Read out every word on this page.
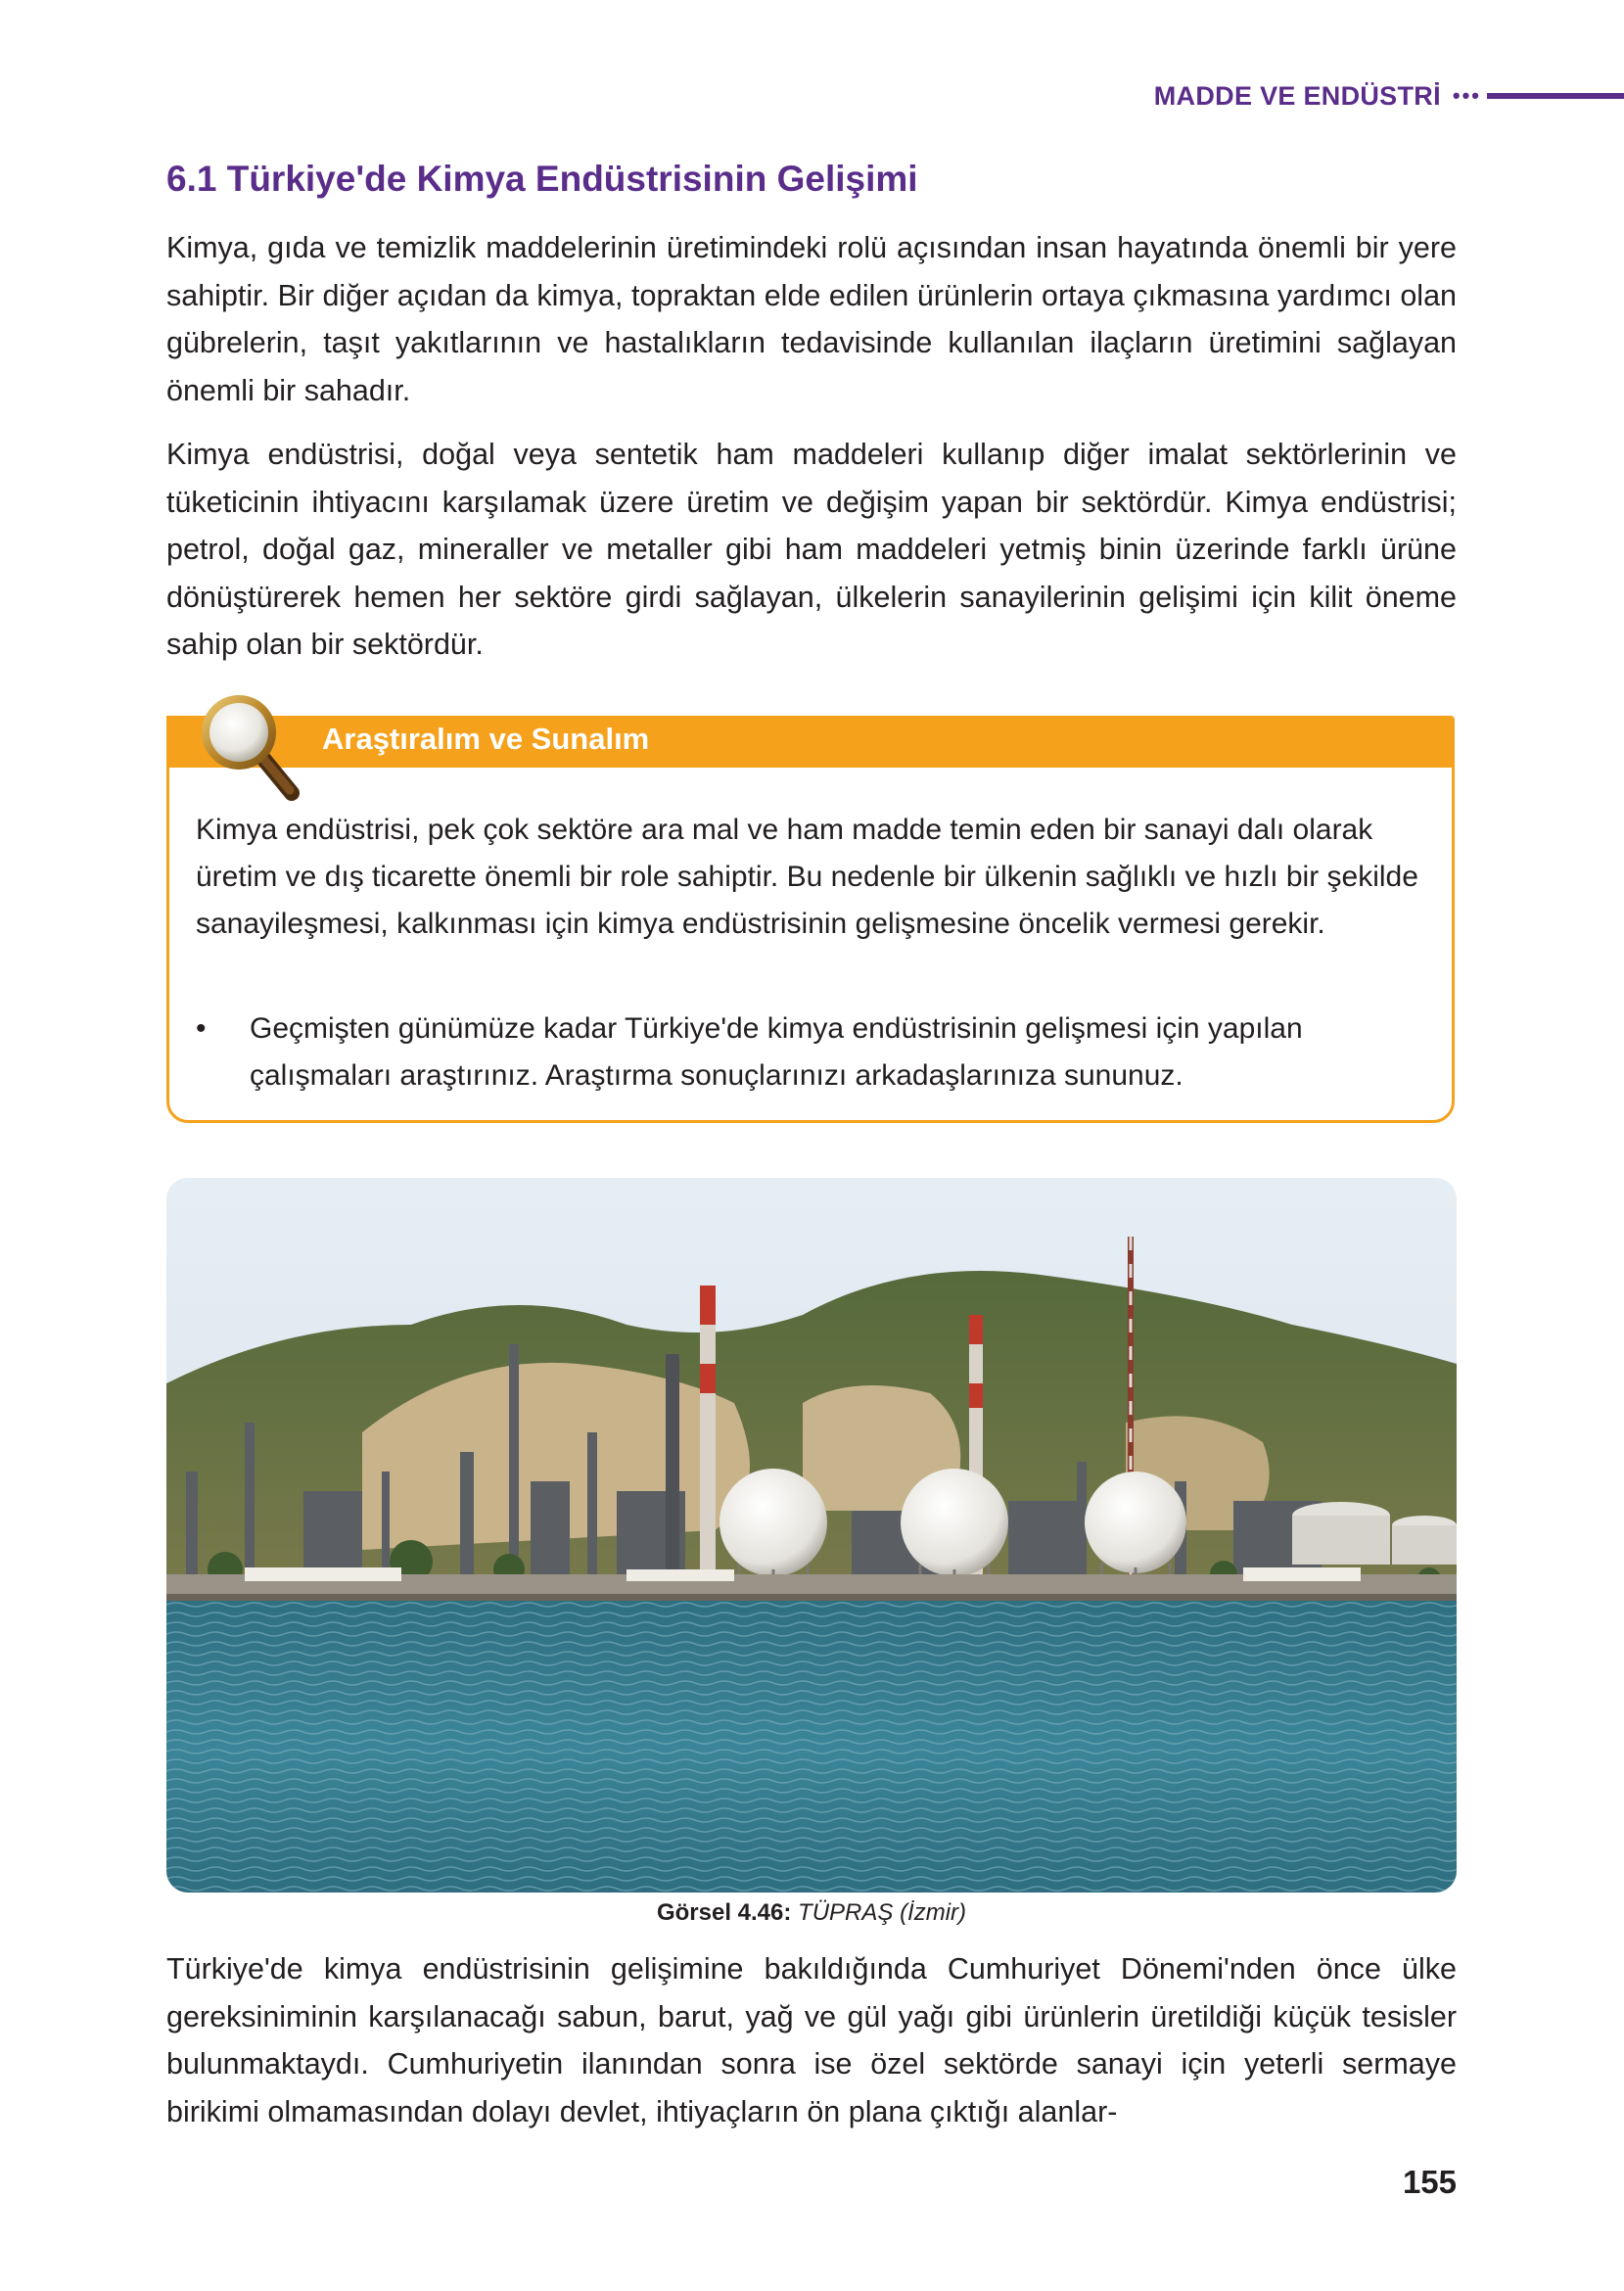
MADDE VE ENDÜSTRİ •••
6.1 Türkiye'de Kimya Endüstrisinin Gelişimi

Kimya, gıda ve temizlik maddelerinin üretimindeki rolü açısından insan hayatında önemli bir yere sahiptir. Bir diğer açıdan da kimya, topraktan elde edilen ürünlerin ortaya çıkmasına yardımcı olan gübrelerin, taşıt yakıtlarının ve hastalıkların tedavisinde kullanılan ilaçların üretimini sağlayan önemli bir sahadır.

Kimya endüstrisi, doğal veya sentetik ham maddeleri kullanıp diğer imalat sektörlerinin ve tüketicinin ihtiyacını karşılamak üzere üretim ve değişim yapan bir sektördür. Kimya endüstrisi; petrol, doğal gaz, mineraller ve metaller gibi ham maddeleri yetmiş binin üzerinde farklı ürüne dönüştürerek hemen her sektöre girdi sağlayan, ülkelerin sanayilerinin gelişimi için kilit öneme sahip olan bir sektördür.

Araştıralım ve Sunalım

Kimya endüstrisi, pek çok sektöre ara mal ve ham madde temin eden bir sanayi dalı olarak üretim ve dış ticarette önemli bir role sahiptir. Bu nedenle bir ülkenin sağlıklı ve hızlı bir şekilde sanayileşmesi, kalkınması için kimya endüstrisinin gelişmesine öncelik vermesi gerekir.

•	Geçmişten günümüze kadar Türkiye'de kimya endüstrisinin gelişmesi için yapılan çalışmaları araştırınız. Araştırma sonuçlarınızı arkadaşlarınıza sununuz.

Görsel 4.46: TÜPRAŞ (İzmir)

Türkiye'de kimya endüstrisinin gelişimine bakıldığında Cumhuriyet Dönemi'nden önce ülke gereksiniminin karşılanacağı sabun, barut, yağ ve gül yağı gibi ürünlerin üretildiği küçük tesisler bulunmaktaydı. Cumhuriyetin ilanından sonra ise özel sektörde sanayi için yeterli sermaye birikimi olmamasından dolayı devlet, ihtiyaçların ön plana çıktığı alanlar-

155
